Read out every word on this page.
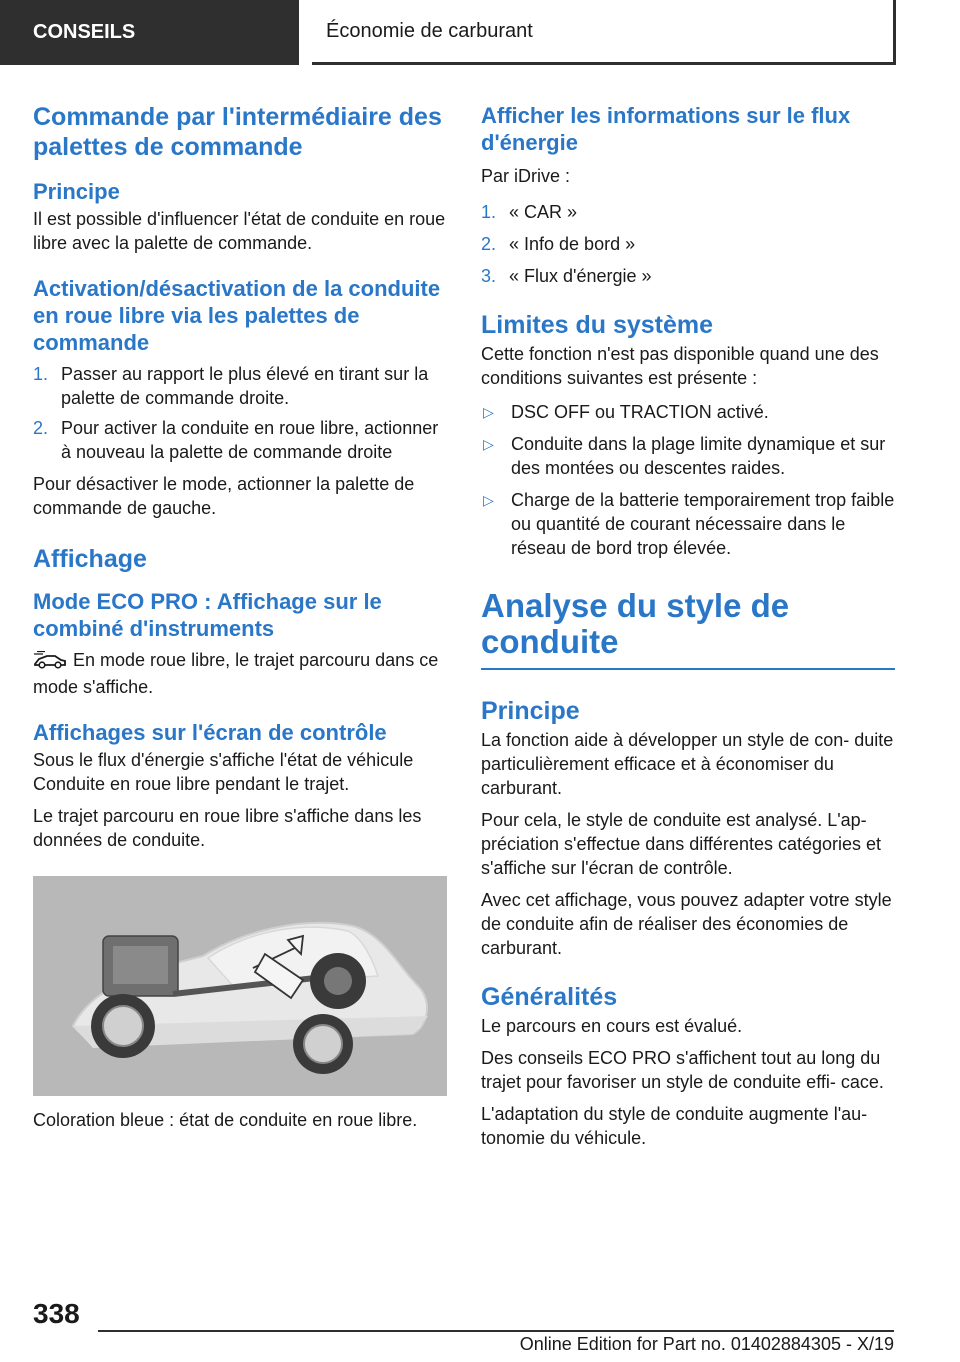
CONSEILS	Économie de carburant
Commande par l'intermédiaire des palettes de commande
Principe

Il est possible d'influencer l'état de conduite en roue libre avec la palette de commande.

Activation/désactivation de la conduite en roue libre via les palettes de commande
1. Passer au rapport le plus élevé en tirant sur la palette de commande droite.
2. Pour activer la conduite en roue libre, actionner à nouveau la palette de commande droite

Pour désactiver le mode, actionner la palette de commande de gauche.

Affichage
Mode ECO PRO : Affichage sur le combiné d'instruments

En mode roue libre, le trajet parcouru dans ce mode s'affiche.

Affichages sur l'écran de contrôle

Sous le flux d'énergie s'affiche l'état de véhicule Conduite en roue libre pendant le trajet.

Le trajet parcouru en roue libre s'affiche dans les données de conduite.

Coloration bleue : état de conduite en roue libre.

Afficher les informations sur le flux d'énergie

Par iDrive :

1. « CAR »
2. « Info de bord »
3. « Flux d'énergie »
Limites du système

Cette fonction n'est pas disponible quand une des conditions suivantes est présente :

▷ DSC OFF ou TRACTION activé.
▷ Conduite dans la plage limite dynamique et sur des montées ou descentes raides.
▷ Charge de la batterie temporairement trop faible ou quantité de courant nécessaire dans le réseau de bord trop élevée.
Analyse du style de conduite
Principe

La fonction aide à développer un style de con‐ duite particulièrement efficace et à économiser du carburant.

Pour cela, le style de conduite est analysé. L'ap‐ préciation s'effectue dans différentes catégories et s'affiche sur l'écran de contrôle.

Avec cet affichage, vous pouvez adapter votre style de conduite afin de réaliser des économies de carburant.

Généralités

Le parcours en cours est évalué.

Des conseils ECO PRO s'affichent tout au long du trajet pour favoriser un style de conduite effi‐ cace.

L'adaptation du style de conduite augmente l'au‐ tonomie du véhicule.

338
Online Edition for Part no. 01402884305 - X/19
